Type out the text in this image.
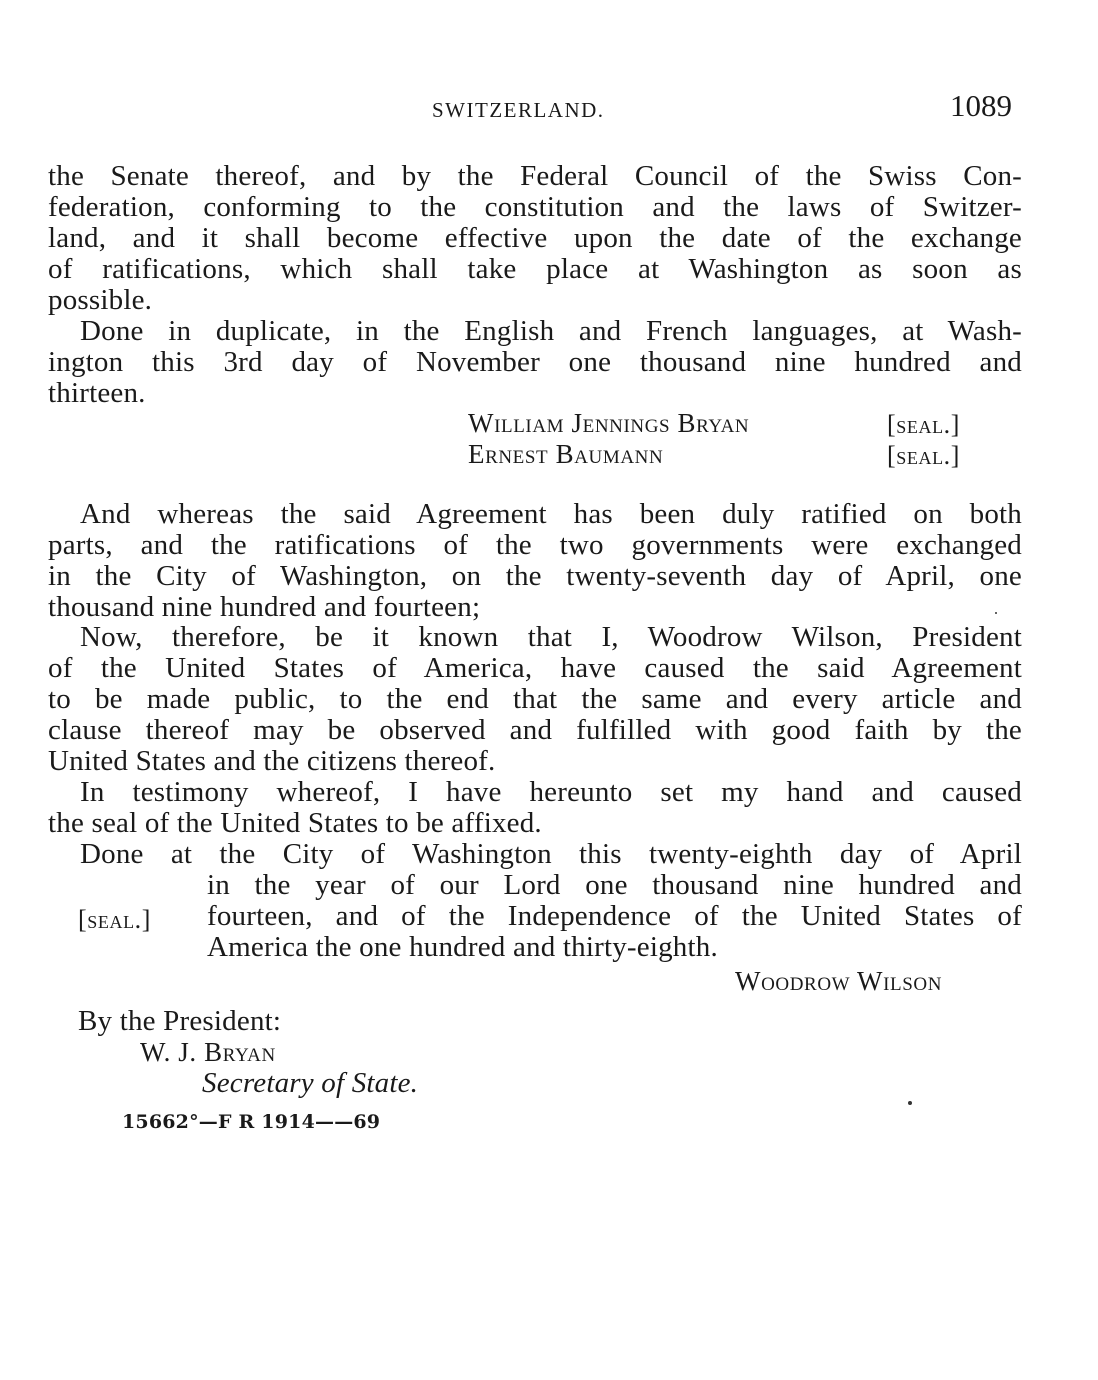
SWITZERLAND.	1089
the Senate thereof, and by the Federal Council of the Swiss Con-
federation, conforming to the constitution and the laws of Switzer-
land, and it shall become effective upon the date of the exchange
of ratifications, which shall take place at Washington as soon as
possible.
Done in duplicate, in the English and French languages, at Wash-
ington this 3rd day of November one thousand nine hundred and
thirteen.
William Jennings Bryan	[seal.]
Ernest Baumann	[seal.]
And whereas the said Agreement has been duly ratified on both
parts, and the ratifications of the two governments were exchanged
in the City of Washington, on the twenty-seventh day of April, one
thousand nine hundred and fourteen;
Now, therefore, be it known that I, Woodrow Wilson, President
of the United States of America, have caused the said Agreement
to be made public, to the end that the same and every article and
clause thereof may be observed and fulfilled with good faith by the
United States and the citizens thereof.
In testimony whereof, I have hereunto set my hand and caused
the seal of the United States to be affixed.
Done at the City of Washington this twenty-eighth day of April
in the year of our Lord one thousand nine hundred and
[seal.] fourteen, and of the Independence of the United States of
America the one hundred and thirty-eighth.
Woodrow Wilson
By the President:
W. J. Bryan
Secretary of State.
15662°—F R 1914——69
